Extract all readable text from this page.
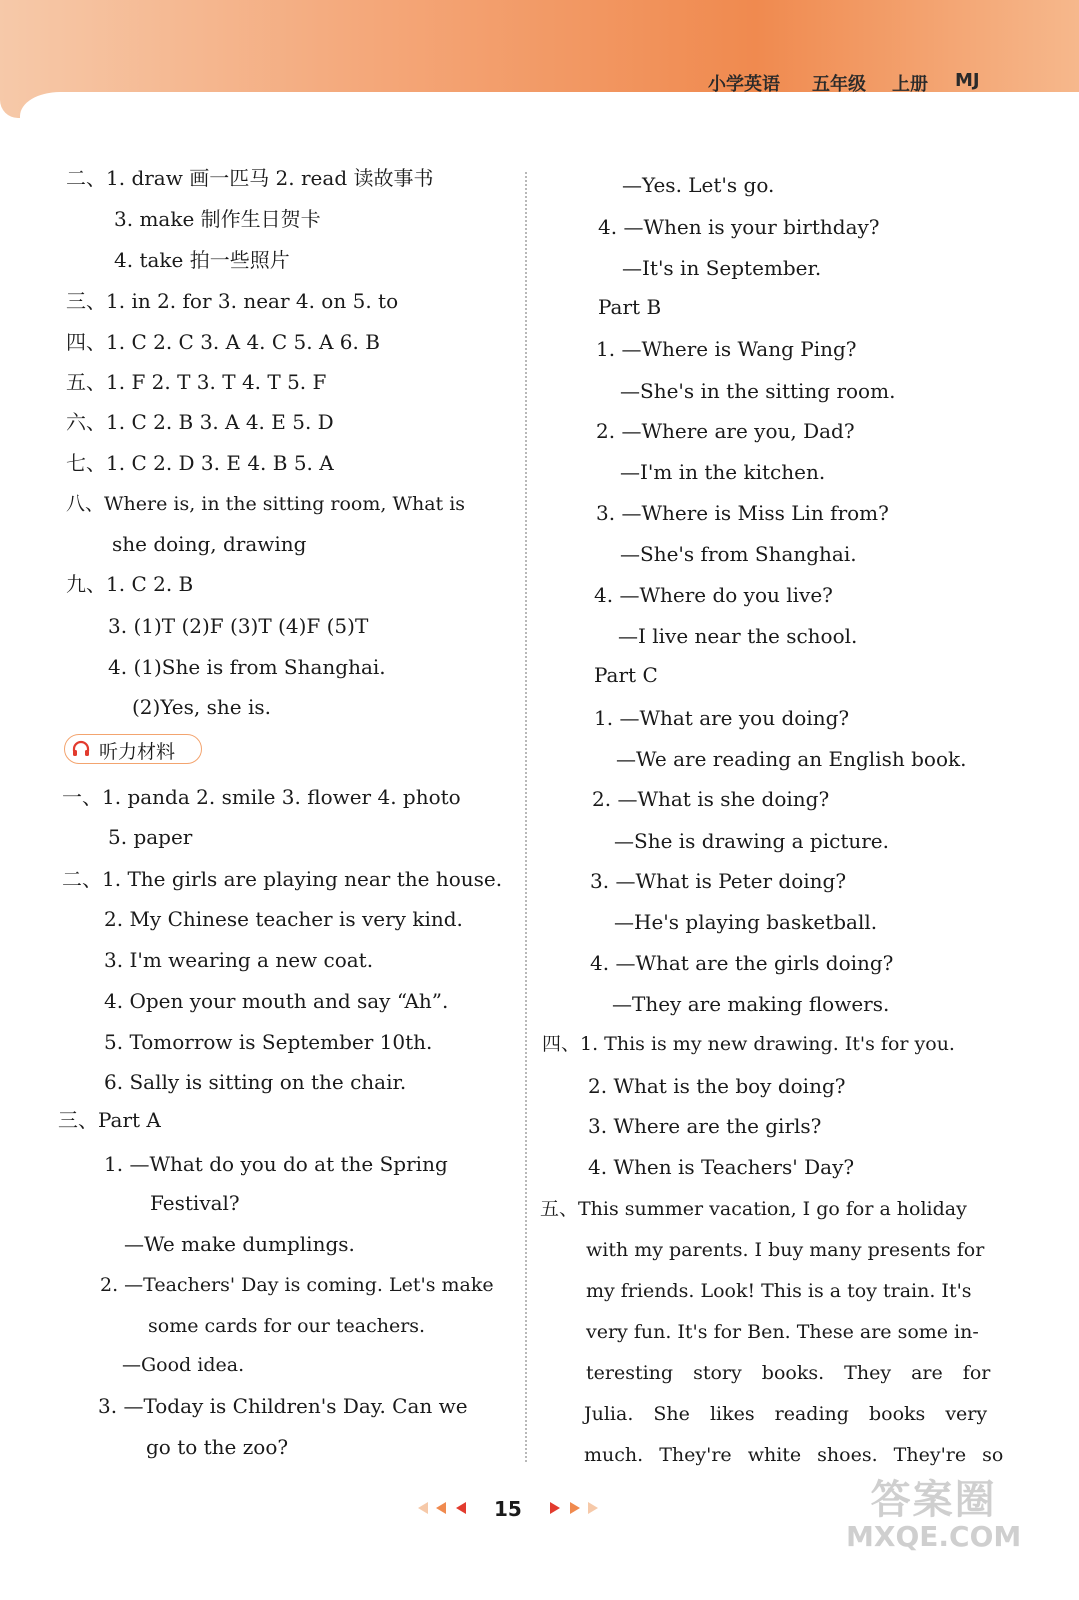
小学英语 五年级 上册 MJ
二、1. draw 画一匹马 2. read 读故事书
3. make 制作生日贺卡
4. take 拍一些照片
三、1. in 2. for 3. near 4. on 5. to
四、1. C 2. C 3. A 4. C 5. A 6. B
五、1. F 2. T 3. T 4. T 5. F
六、1. C 2. B 3. A 4. E 5. D
七、1. C 2. D 3. E 4. B 5. A
八、Where is, in the sitting room, What is
she doing, drawing
九、1. C 2. B
3. (1)T (2)F (3)T (4)F (5)T
4. (1)She is from Shanghai.
(2)Yes, she is.
听力材料
一、1. panda 2. smile 3. flower 4. photo
5. paper
二、1. The girls are playing near the house.
2. My Chinese teacher is very kind.
3. I'm wearing a new coat.
4. Open your mouth and say “Ah”.
5. Tomorrow is September 10th.
6. Sally is sitting on the chair.
三、Part A
1. —What do you do at the Spring
Festival?
—We make dumplings.
2. —Teachers' Day is coming. Let's make
some cards for our teachers.
—Good idea.
3. —Today is Children's Day. Can we
go to the zoo?
—Yes. Let's go.
4. —When is your birthday?
—It's in September.
Part B
1. —Where is Wang Ping?
—She's in the sitting room.
2. —Where are you, Dad?
—I'm in the kitchen.
3. —Where is Miss Lin from?
—She's from Shanghai.
4. —Where do you live?
—I live near the school.
Part C
1. —What are you doing?
—We are reading an English book.
2. —What is she doing?
—She is drawing a picture.
3. —What is Peter doing?
—He's playing basketball.
4. —What are the girls doing?
—They are making flowers.
四、1. This is my new drawing. It's for you.
2. What is the boy doing?
3. Where are the girls?
4. When is Teachers' Day?
五、This summer vacation, I go for a holiday
with my parents. I buy many presents for
my friends. Look! This is a toy train. It's
very fun. It's for Ben. These are some in-
teresting story books. They are for
Julia. She likes reading books very
much. They're white shoes. They're so
15	答案圈
MXQE.COM
